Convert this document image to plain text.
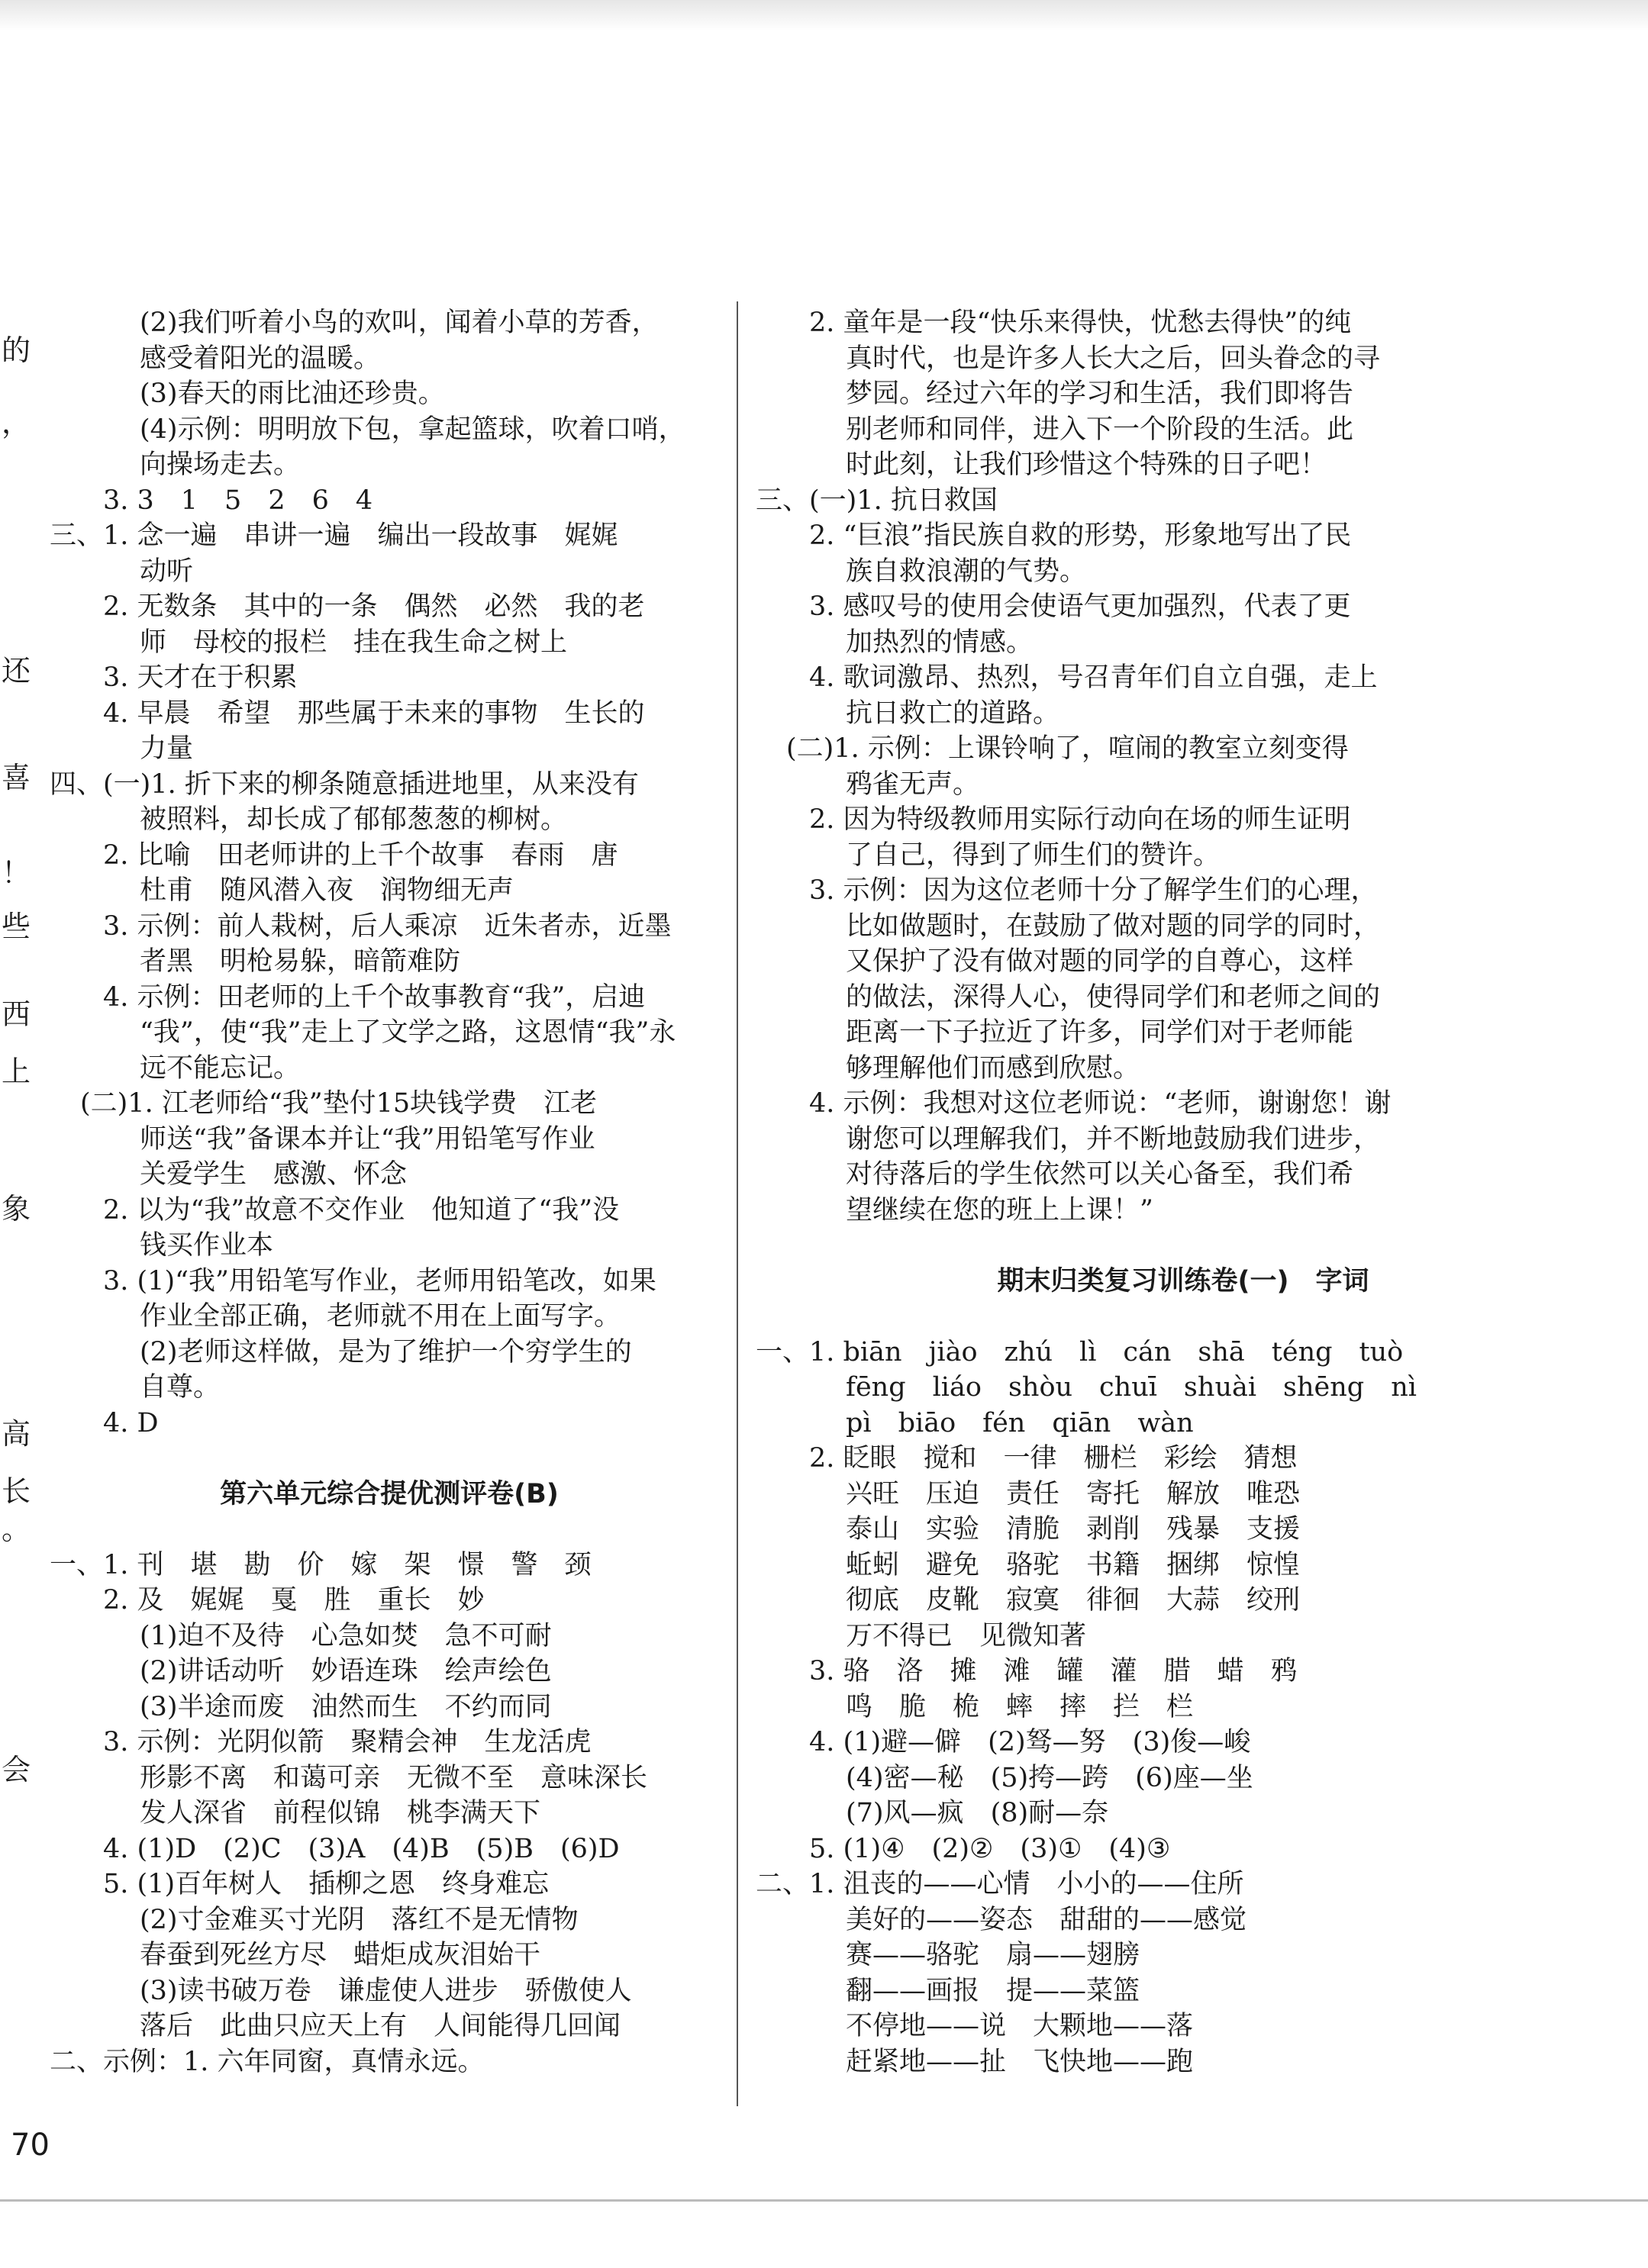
的
，
还
喜
！
些
西
上
象
高
长
。
会
(2)我们听着小鸟的欢叫，闻着小草的芳香，
感受着阳光的温暖。
(3)春天的雨比油还珍贵。
(4)示例：明明放下包，拿起篮球，吹着口哨，
向操场走去。
3. 3　1　5　2　6　4
三、1. 念一遍　串讲一遍　编出一段故事　娓娓
动听
2. 无数条　其中的一条　偶然　必然　我的老
师　母校的报栏　挂在我生命之树上
3. 天才在于积累
4. 早晨　希望　那些属于未来的事物　生长的
力量
四、(一)1. 折下来的柳条随意插进地里，从来没有
被照料，却长成了郁郁葱葱的柳树。
2. 比喻　田老师讲的上千个故事　春雨　唐
杜甫　随风潜入夜　润物细无声
3. 示例：前人栽树，后人乘凉　近朱者赤，近墨
者黑　明枪易躲，暗箭难防
4. 示例：田老师的上千个故事教育“我”，启迪
“我”，使“我”走上了文学之路，这恩情“我”永
远不能忘记。
(二)1. 江老师给“我”垫付15块钱学费　江老
师送“我”备课本并让“我”用铅笔写作业
关爱学生　感激、怀念
2. 以为“我”故意不交作业　他知道了“我”没
钱买作业本
3. (1)“我”用铅笔写作业，老师用铅笔改，如果
作业全部正确，老师就不用在上面写字。
(2)老师这样做，是为了维护一个穷学生的
自尊。
4. D
第六单元综合提优测评卷(B)
一、1. 刊　堪　勘　价　嫁　架　憬　警　颈
2. 及　娓娓　戛　胜　重长　妙
(1)迫不及待　心急如焚　急不可耐
(2)讲话动听　妙语连珠　绘声绘色
(3)半途而废　油然而生　不约而同
3. 示例：光阴似箭　聚精会神　生龙活虎
形影不离　和蔼可亲　无微不至　意味深长
发人深省　前程似锦　桃李满天下
4. (1)D　(2)C　(3)A　(4)B　(5)B　(6)D
5. (1)百年树人　插柳之恩　终身难忘
(2)寸金难买寸光阴　落红不是无情物
春蚕到死丝方尽　蜡炬成灰泪始干
(3)读书破万卷　谦虚使人进步　骄傲使人
落后　此曲只应天上有　人间能得几回闻
二、示例：1. 六年同窗，真情永远。
2. 童年是一段“快乐来得快，忧愁去得快”的纯
真时代，也是许多人长大之后，回头眷念的寻
梦园。经过六年的学习和生活，我们即将告
别老师和同伴，进入下一个阶段的生活。此
时此刻，让我们珍惜这个特殊的日子吧！
三、(一)1. 抗日救国
2. “巨浪”指民族自救的形势，形象地写出了民
族自救浪潮的气势。
3. 感叹号的使用会使语气更加强烈，代表了更
加热烈的情感。
4. 歌词激昂、热烈，号召青年们自立自强，走上
抗日救亡的道路。
(二)1. 示例：上课铃响了，喧闹的教室立刻变得
鸦雀无声。
2. 因为特级教师用实际行动向在场的师生证明
了自己，得到了师生们的赞许。
3. 示例：因为这位老师十分了解学生们的心理，
比如做题时，在鼓励了做对题的同学的同时，
又保护了没有做对题的同学的自尊心，这样
的做法，深得人心，使得同学们和老师之间的
距离一下子拉近了许多，同学们对于老师能
够理解他们而感到欣慰。
4. 示例：我想对这位老师说：“老师，谢谢您！谢
谢您可以理解我们，并不断地鼓励我们进步，
对待落后的学生依然可以关心备至，我们希
望继续在您的班上上课！”
期末归类复习训练卷(一)　字词
一、1. biān　jiào　zhú　lì　cán　shā　téng　tuò
fēng　liáo　shòu　chuī　shuài　shēng　nì
pì　biāo　fén　qiān　wàn
2. 眨眼　搅和　一律　栅栏　彩绘　猜想
兴旺　压迫　责任　寄托　解放　唯恐
泰山　实验　清脆　剥削　残暴　支援
蚯蚓　避免　骆驼　书籍　捆绑　惊惶
彻底　皮靴　寂寞　徘徊　大蒜　绞刑
万不得已　见微知著
3. 骆　洛　摊　滩　罐　灌　腊　蜡　鸦
鸣　脆　桅　蟀　摔　拦　栏
4. (1)避—僻　(2)驽—努　(3)俊—峻
(4)密—秘　(5)挎—跨　(6)座—坐
(7)风—疯　(8)耐—奈
5. (1)④　(2)②　(3)①　(4)③
二、1. 沮丧的——心情　小小的——住所
美好的——姿态　甜甜的——感觉
赛——骆驼　扇——翅膀
翻——画报　提——菜篮
不停地——说　大颗地——落
赶紧地——扯　飞快地——跑
70
